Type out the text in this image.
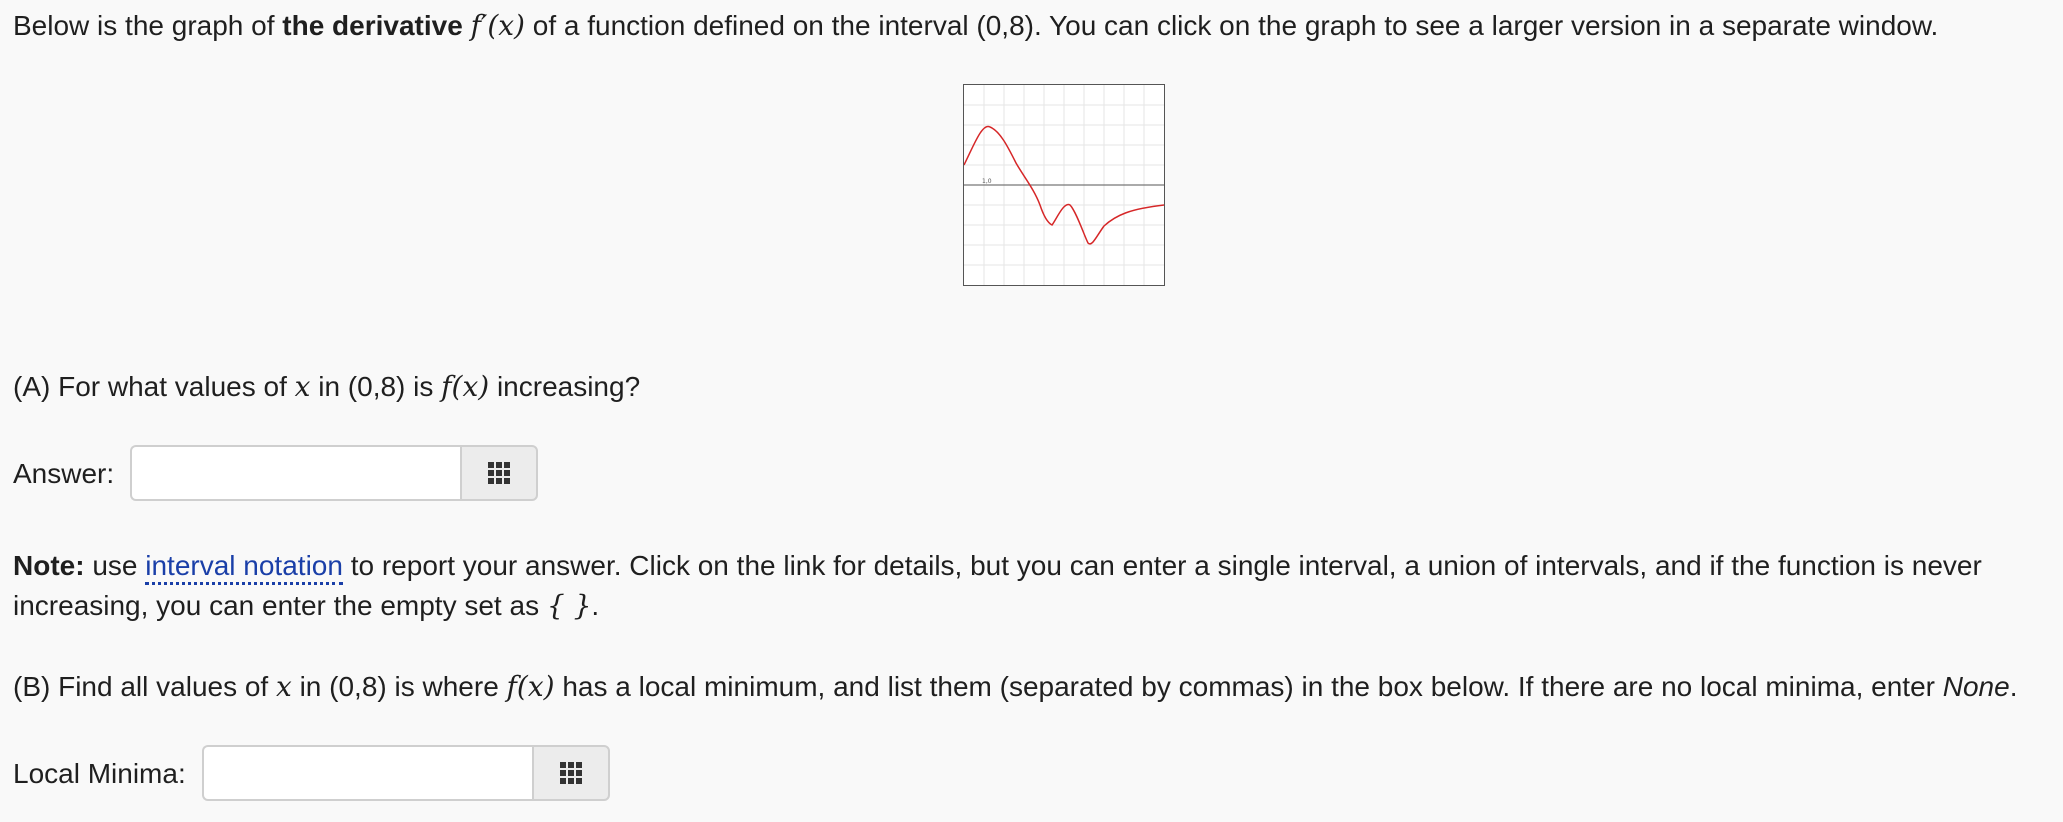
Below is the graph of the derivative f′(x) of a function defined on the interval (0,8). You can click on the graph to see a larger version in a separate window.

1,0

(A) For what values of x in (0,8) is f(x) increasing?

Answer:

Note: use interval notation to report your answer. Click on the link for details, but you can enter a single interval, a union of intervals, and if the function is never increasing, you can enter the empty set as { }.

(B) Find all values of x in (0,8) is where f(x) has a local minimum, and list them (separated by commas) in the box below. If there are no local minima, enter None.

Local Minima:
